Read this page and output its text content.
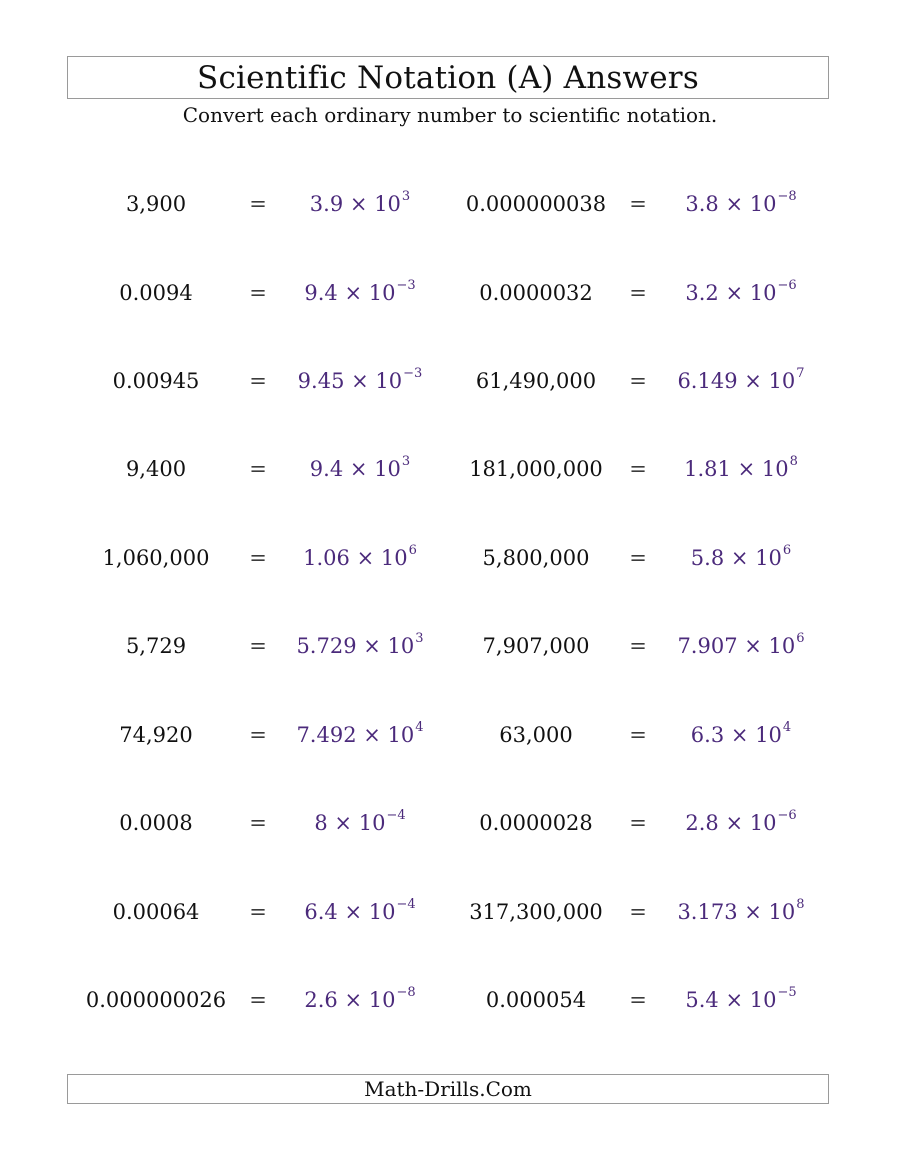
Scientific Notation (A) Answers
Convert each ordinary number to scientific notation.
3,900	=	$3.9 \times 10^3$	0.000000038	=	$3.8 \times 10^{-8}$
0.0094	=	$9.4 \times 10^{-3}$	0.0000032	=	$3.2 \times 10^{-6}$
0.00945	=	$9.45 \times 10^{-3}$	61,490,000	=	$6.149 \times 10^7$
9,400	=	$9.4 \times 10^3$	181,000,000	=	$1.81 \times 10^8$
1,060,000	=	$1.06 \times 10^6$	5,800,000	=	$5.8 \times 10^6$
5,729	=	$5.729 \times 10^3$	7,907,000	=	$7.907 \times 10^6$
74,920	=	$7.492 \times 10^4$	63,000	=	$6.3 \times 10^4$
0.0008	=	$8 \times 10^{-4}$	0.0000028	=	$2.8 \times 10^{-6}$
0.00064	=	$6.4 \times 10^{-4}$	317,300,000	=	$3.173 \times 10^8$
0.000000026	=	$2.6 \times 10^{-8}$	0.000054	=	$5.4 \times 10^{-5}$
Math-Drills.Com
